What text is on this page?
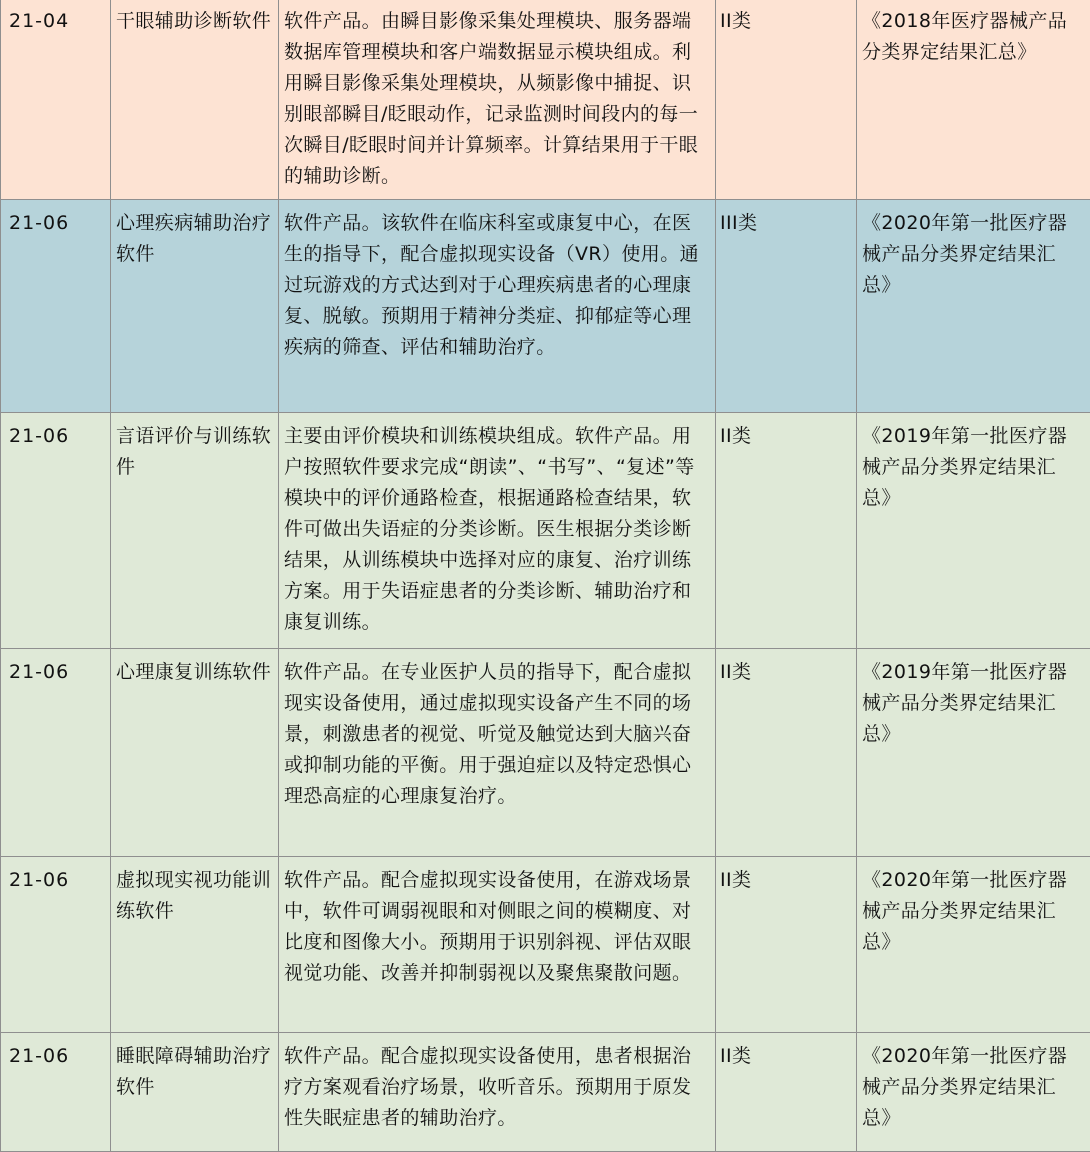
21-04	干眼辅助诊断软件	软件产品。由瞬目影像采集处理模块、服务器端数据库管理模块和客户端数据显示模块组成。利用瞬目影像采集处理模块，从频影像中捕捉、识别眼部瞬目/眨眼动作，记录监测时间段内的每一次瞬目/眨眼时间并计算频率。计算结果用于干眼的辅助诊断。	II类	《2018年医疗器械产品分类界定结果汇总》
21-06	心理疾病辅助治疗软件	软件产品。该软件在临床科室或康复中心，在医生的指导下，配合虚拟现实设备（VR）使用。通过玩游戏的方式达到对于心理疾病患者的心理康复、脱敏。预期用于精神分类症、抑郁症等心理疾病的筛查、评估和辅助治疗。	III类	《2020年第一批医疗器械产品分类界定结果汇总》
21-06	言语评价与训练软件	主要由评价模块和训练模块组成。软件产品。用户按照软件要求完成“朗读”、“书写”、“复述”等模块中的评价通路检查，根据通路检查结果，软件可做出失语症的分类诊断。医生根据分类诊断结果，从训练模块中选择对应的康复、治疗训练方案。用于失语症患者的分类诊断、辅助治疗和康复训练。	II类	《2019年第一批医疗器械产品分类界定结果汇总》
21-06	心理康复训练软件	软件产品。在专业医护人员的指导下，配合虚拟现实设备使用，通过虚拟现实设备产生不同的场景，刺激患者的视觉、听觉及触觉达到大脑兴奋或抑制功能的平衡。用于强迫症以及特定恐惧心理恐高症的心理康复治疗。	II类	《2019年第一批医疗器械产品分类界定结果汇总》
21-06	虚拟现实视功能训练软件	软件产品。配合虚拟现实设备使用，在游戏场景中，软件可调弱视眼和对侧眼之间的模糊度、对比度和图像大小。预期用于识别斜视、评估双眼视觉功能、改善并抑制弱视以及聚焦聚散问题。	II类	《2020年第一批医疗器械产品分类界定结果汇总》
21-06	睡眠障碍辅助治疗软件	软件产品。配合虚拟现实设备使用，患者根据治疗方案观看治疗场景，收听音乐。预期用于原发性失眠症患者的辅助治疗。	II类	《2020年第一批医疗器械产品分类界定结果汇总》
